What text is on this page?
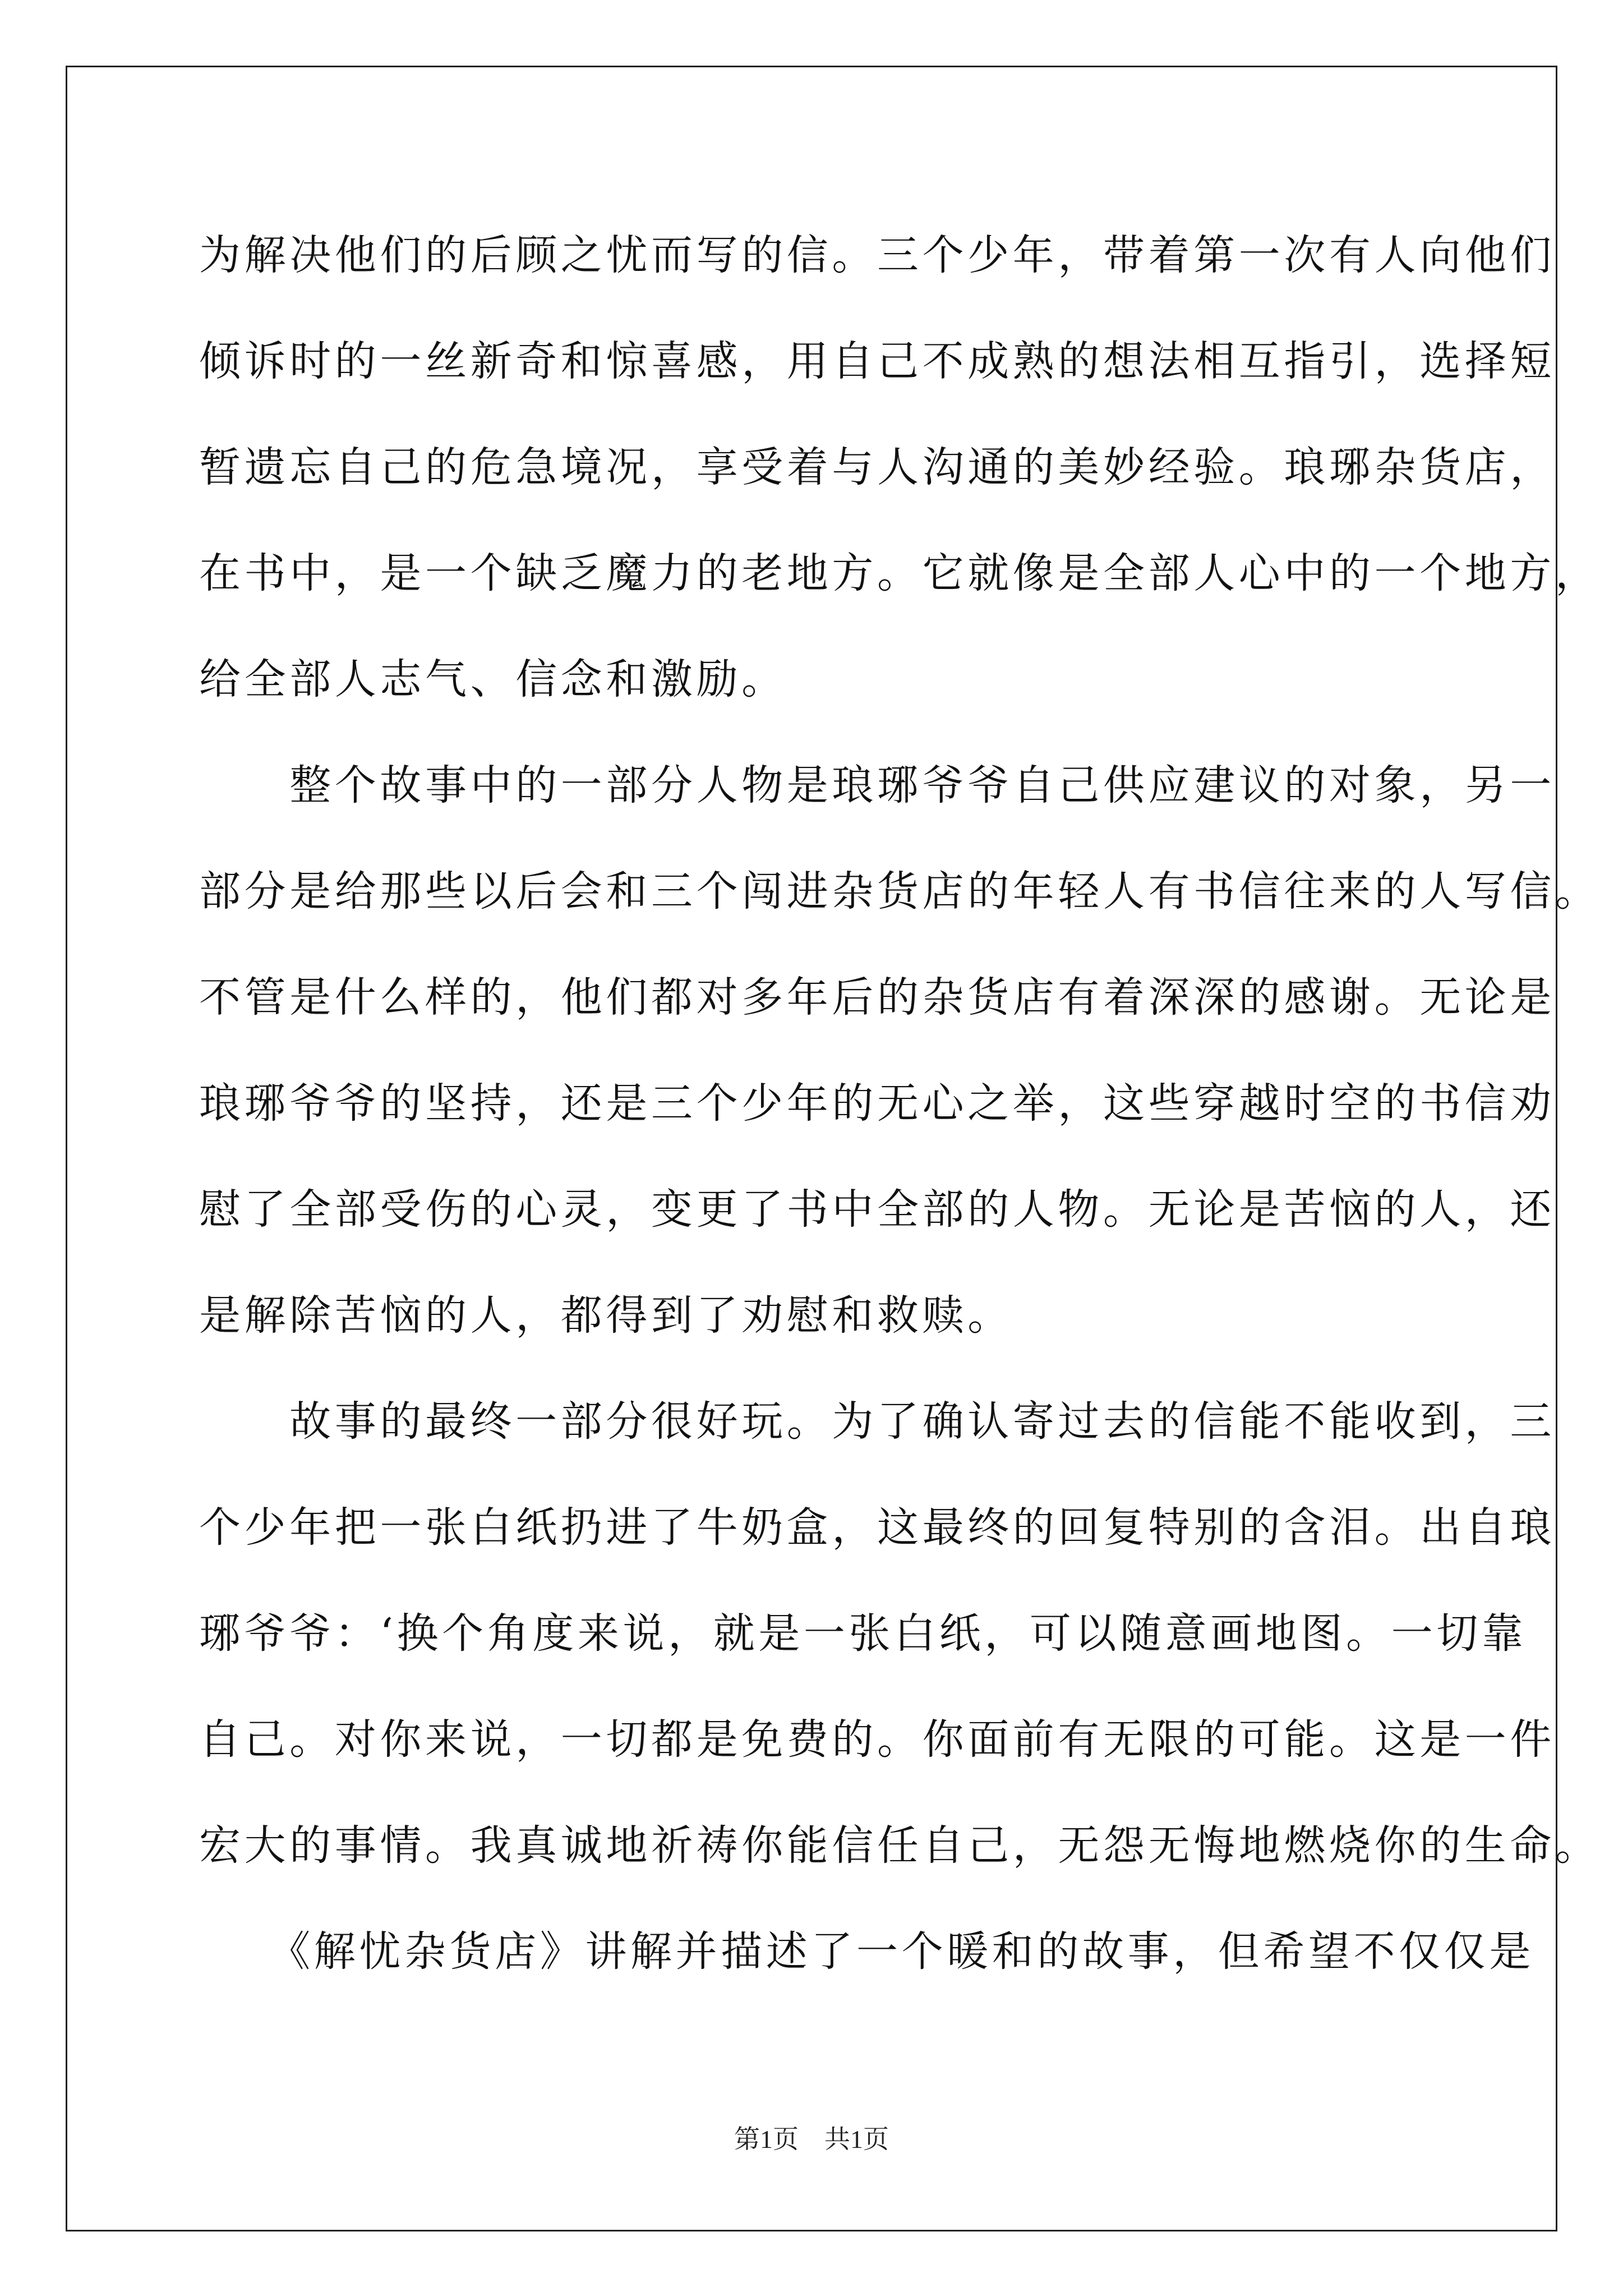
为解决他们的后顾之忧而写的信。三个少年，带着第一次有人向他们
倾诉时的一丝新奇和惊喜感，用自己不成熟的想法相互指引，选择短
暂遗忘自己的危急境况，享受着与人沟通的美妙经验。琅琊杂货店，
在书中，是一个缺乏魔力的老地方。它就像是全部人心中的一个地方，
给全部人志气、信念和激励。
　　整个故事中的一部分人物是琅琊爷爷自己供应建议的对象，另一
部分是给那些以后会和三个闯进杂货店的年轻人有书信往来的人写信。
不管是什么样的，他们都对多年后的杂货店有着深深的感谢。无论是
琅琊爷爷的坚持，还是三个少年的无心之举，这些穿越时空的书信劝
慰了全部受伤的心灵，变更了书中全部的人物。无论是苦恼的人，还
是解除苦恼的人，都得到了劝慰和救赎。
　　故事的最终一部分很好玩。为了确认寄过去的信能不能收到，三
个少年把一张白纸扔进了牛奶盒，这最终的回复特别的含泪。出自琅
琊爷爷：‘换个角度来说，就是一张白纸，可以随意画地图。一切靠
自己。对你来说，一切都是免费的。你面前有无限的可能。这是一件
宏大的事情。我真诚地祈祷你能信任自己，无怨无悔地燃烧你的生命。
　　《解忧杂货店》讲解并描述了一个暖和的故事，但希望不仅仅是
第1页　共1页
